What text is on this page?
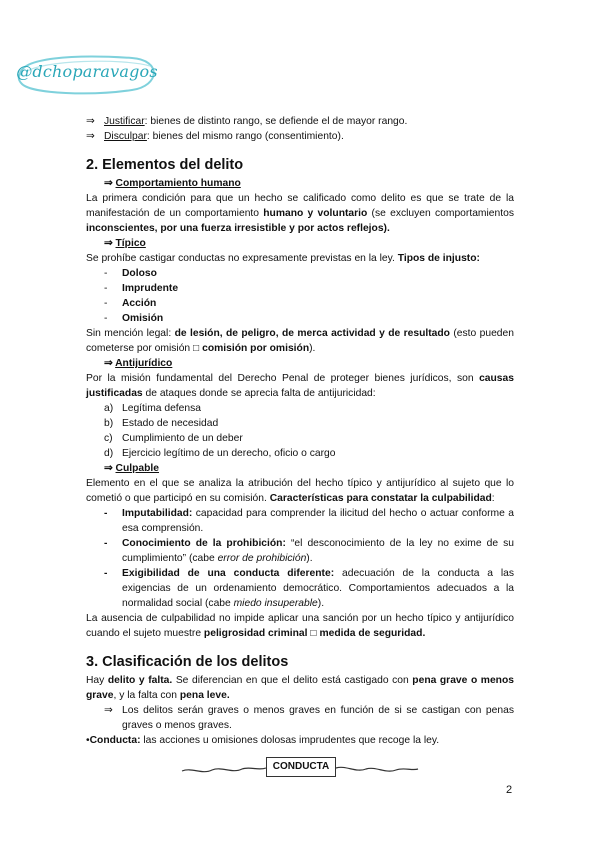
@dchoparavagos
⇒ Justificar: bienes de distinto rango, se defiende el de mayor rango.
⇒ Disculpar: bienes del mismo rango (consentimiento).
2. Elementos del delito
⇒ Comportamiento humano

La primera condición para que un hecho se calificado como delito es que se trate de la manifestación de un comportamiento humano y voluntario (se excluyen comportamientos inconscientes, por una fuerza irresistible y por actos reflejos).

⇒ Típico

Se prohíbe castigar conductas no expresamente previstas en la ley. Tipos de injusto:

- Doloso
- Imprudente
- Acción
- Omisión

Sin mención legal: de lesión, de peligro, de merca actividad y de resultado (esto pueden cometerse por omisión □ comisión por omisión).

⇒ Antijurídico

Por la misión fundamental del Derecho Penal de proteger bienes jurídicos, son causas justificadas de ataques donde se aprecia falta de antijuricidad:

a) Legítima defensa
b) Estado de necesidad
c) Cumplimiento de un deber
d) Ejercicio legítimo de un derecho, oficio o cargo
⇒ Culpable

Elemento en el que se analiza la atribución del hecho típico y antijurídico al sujeto que lo cometió o que participó en su comisión. Características para constatar la culpabilidad:

- Imputabilidad: capacidad para comprender la ilicitud del hecho o actuar conforme a esa comprensión.
- Conocimiento de la prohibición: “el desconocimiento de la ley no exime de su cumplimiento” (cabe error de prohibición).
- Exigibilidad de una conducta diferente: adecuación de la conducta a las exigencias de un ordenamiento democrático. Comportamientos adecuados a la normalidad social (cabe miedo insuperable).

La ausencia de culpabilidad no impide aplicar una sanción por un hecho típico y antijurídico cuando el sujeto muestre peligrosidad criminal □ medida de seguridad.

3. Clasificación de los delitos

Hay delito y falta. Se diferencian en que el delito está castigado con pena grave o menos grave, y la falta con pena leve.

⇒ Los delitos serán graves o menos graves en función de si se castigan con penas graves o menos graves.

•Conducta: las acciones u omisiones dolosas imprudentes que recoge la ley.

CONDUCTA
2
